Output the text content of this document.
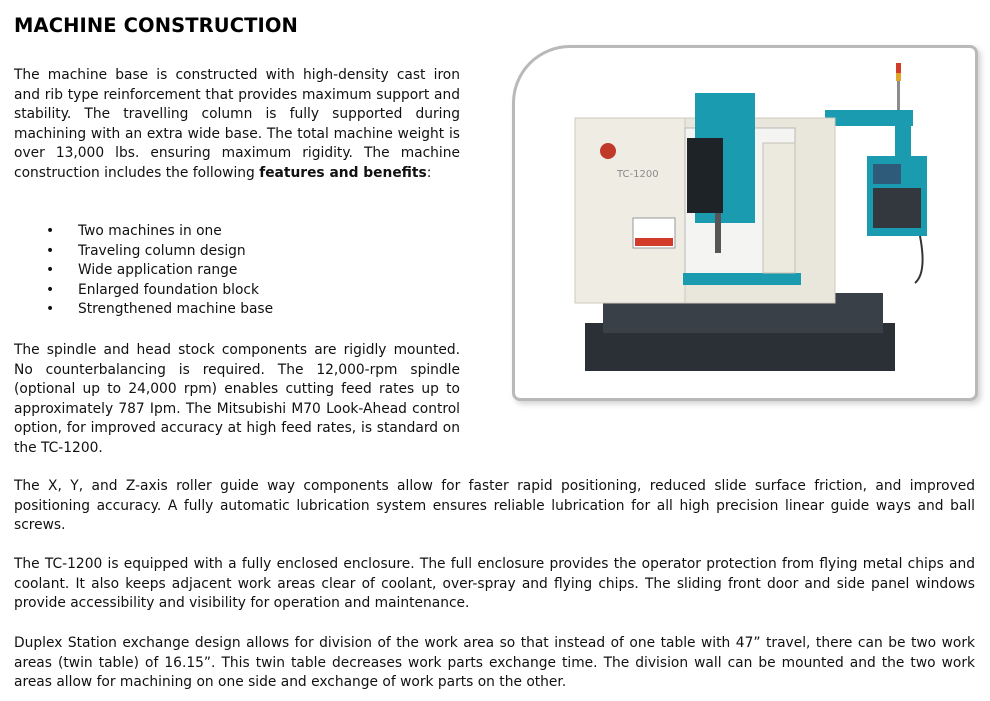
MACHINE CONSTRUCTION

The machine base is constructed with high-density cast iron and rib type reinforcement that provides maximum support and stability. The travelling column is fully supported during machining with an extra wide base. The total machine weight is over 13,000 lbs. ensuring maximum rigidity. The machine construction includes the following features and benefits:

• Two machines in one
• Traveling column design
• Wide application range
• Enlarged foundation block
• Strengthened machine base

The spindle and head stock components are rigidly mounted. No counterbalancing is required. The 12,000-rpm spindle (optional up to 24,000 rpm) enables cutting feed rates up to approximately 787 Ipm. The Mitsubishi M70 Look-Ahead control option, for improved accuracy at high feed rates, is standard on the TC-1200.

TC-1200

The X, Y, and Z-axis roller guide way components allow for faster rapid positioning, reduced slide surface friction, and improved positioning accuracy. A fully automatic lubrication system ensures reliable lubrication for all high precision linear guide ways and ball screws.

The TC-1200 is equipped with a fully enclosed enclosure. The full enclosure provides the operator protection from flying metal chips and coolant. It also keeps adjacent work areas clear of coolant, over-spray and flying chips. The sliding front door and side panel windows provide accessibility and visibility for operation and maintenance.

Duplex Station exchange design allows for division of the work area so that instead of one table with 47” travel, there can be two work areas (twin table) of 16.15”. This twin table decreases work parts exchange time. The division wall can be mounted and the two work areas allow for machining on one side and exchange of work parts on the other.
